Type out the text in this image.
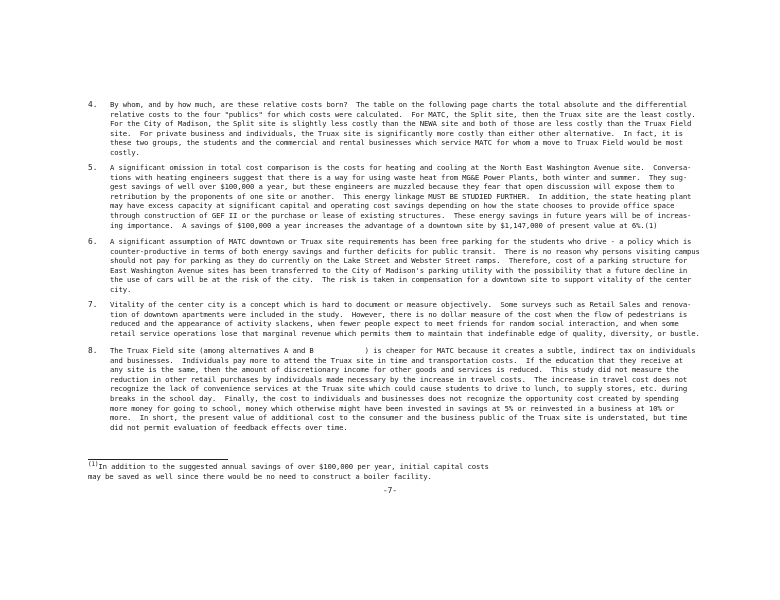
4. By whom, and by how much, are these relative costs born?  The table on the following page charts the total absolute and the differential
relative costs to the four "publics" for which costs were calculated.  For MATC, the Split site, then the Truax site are the least costly.
For the City of Madison, the Split site is slightly less costly than the NEWA site and both of those are less costly than the Truax Field
site.  For private business and individuals, the Truax site is significantly more costly than either other alternative.  In fact, it is
these two groups, the students and the commercial and rental businesses which service MATC for whom a move to Truax Field would be most
costly.
5. A significant omission in total cost comparison is the costs for heating and cooling at the North East Washington Avenue site.  Conversa-
tions with heating engineers suggest that there is a way for using waste heat from MG&E Power Plants, both winter and summer.  They sug-
gest savings of well over $100,000 a year, but these engineers are muzzled because they fear that open discussion will expose them to
retribution by the proponents of one site or another.  This energy linkage MUST BE STUDIED FURTHER.  In addition, the state heating plant
may have excess capacity at significant capital and operating cost savings depending on how the state chooses to provide office space
through construction of GEF II or the purchase or lease of existing structures.  These energy savings in future years will be of increas-
ing importance.  A savings of $100,000 a year increases the advantage of a downtown site by $1,147,000 of present value at 6%.(1)
6. A significant assumption of MATC downtown or Truax site requirements has been free parking for the students who drive - a policy which is
counter-productive in terms of both energy savings and further deficits for public transit.  There is no reason why persons visiting campus
should not pay for parking as they do currently on the Lake Street and Webster Street ramps.  Therefore, cost of a parking structure for
East Washington Avenue sites has been transferred to the City of Madison's parking utility with the possibility that a future decline in
the use of cars will be at the risk of the city.  The risk is taken in compensation for a downtown site to support vitality of the center
city.
7. Vitality of the center city is a concept which is hard to document or measure objectively.  Some surveys such as Retail Sales and renova-
tion of downtown apartments were included in the study.  However, there is no dollar measure of the cost when the flow of pedestrians is
reduced and the appearance of activity slackens, when fewer people expect to meet friends for random social interaction, and when some
retail service operations lose that marginal revenue which permits them to maintain that indefinable edge of quality, diversity, or bustle.
8. The Truax Field site (among alternatives A and B            ) is cheaper for MATC because it creates a subtle, indirect tax on individuals
and businesses.  Individuals pay more to attend the Truax site in time and transportation costs.  If the education that they receive at
any site is the same, then the amount of discretionary income for other goods and services is reduced.  This study did not measure the
reduction in other retail purchases by individuals made necessary by the increase in travel costs.  The increase in travel cost does not
recognize the lack of convenience services at the Truax site which could cause students to drive to lunch, to supply stores, etc. during
breaks in the school day.  Finally, the cost to individuals and businesses does not recognize the opportunity cost created by spending
more money for going to school, money which otherwise might have been invested in savings at 5% or reinvested in a business at 10% or
more.  In short, the present value of additional cost to the consumer and the business public of the Truax site is understated, but time
did not permit evaluation of feedback effects over time.
$^{(1)}$In addition to the suggested annual savings of over $100,000 per year, initial capital costs
may be saved as well since there would be no need to construct a boiler facility.
-7-
